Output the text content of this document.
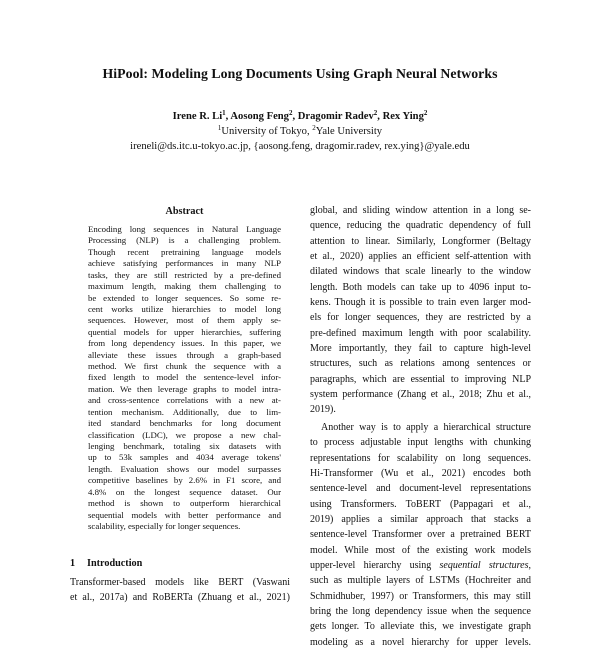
HiPool: Modeling Long Documents Using Graph Neural Networks
Irene R. Li$^1$, Aosong Feng$^2$, Dragomir Radev$^2$, Rex Ying$^2$
$^1$University of Tokyo, $^2$Yale University
ireneli@ds.itc.u-tokyo.ac.jp, {aosong.feng, dragomir.radev, rex.ying}@yale.edu
Abstract
Encoding long sequences in Natural Language
Processing (NLP) is a challenging problem.
Though recent pretraining language models
achieve satisfying performances in many NLP
tasks, they are still restricted by a pre-defined
maximum length, making them challenging to
be extended to longer sequences. So some re-
cent works utilize hierarchies to model long
sequences. However, most of them apply se-
quential models for upper hierarchies, suffering
from long dependency issues. In this paper, we
alleviate these issues through a graph-based
method. We first chunk the sequence with a
fixed length to model the sentence-level infor-
mation. We then leverage graphs to model intra-
and cross-sentence correlations with a new at-
tention mechanism. Additionally, due to lim-
ited standard benchmarks for long document
classification (LDC), we propose a new chal-
lenging benchmark, totaling six datasets with
up to 53k samples and 4034 average tokens'
length. Evaluation shows our model surpasses
competitive baselines by 2.6% in F1 score, and
4.8% on the longest sequence dataset. Our
method is shown to outperform hierarchical
sequential models with better performance and
scalability, especially for longer sequences.
1 Introduction
Transformer-based models like BERT (Vaswani
et al., 2017a) and RoBERTa (Zhuang et al., 2021)
global, and sliding window attention in a long se-
quence, reducing the quadratic dependency of full
attention to linear. Similarly, Longformer (Beltagy
et al., 2020) applies an efficient self-attention with
dilated windows that scale linearly to the window
length. Both models can take up to 4096 input to-
kens. Though it is possible to train even larger mod-
els for longer sequences, they are restricted by a
pre-defined maximum length with poor scalability.
More importantly, they fail to capture high-level
structures, such as relations among sentences or
paragraphs, which are essential to improving NLP
system performance (Zhang et al., 2018; Zhu et al.,
2019).
Another way is to apply a hierarchical structure
to process adjustable input lengths with chunking
representations for scalability on long sequences.
Hi-Transformer (Wu et al., 2021) encodes both
sentence-level and document-level representations
using Transformers. ToBERT (Pappagari et al.,
2019) applies a similar approach that stacks a
sentence-level Transformer over a pretrained BERT
model. While most of the existing work models
upper-level hierarchy using sequential structures,
such as multiple layers of LSTMs (Hochreiter and
Schmidhuber, 1997) or Transformers, this may still
bring the long dependency issue when the sequence
gets longer. To alleviate this, we investigate graph
modeling as a novel hierarchy for upper levels.
